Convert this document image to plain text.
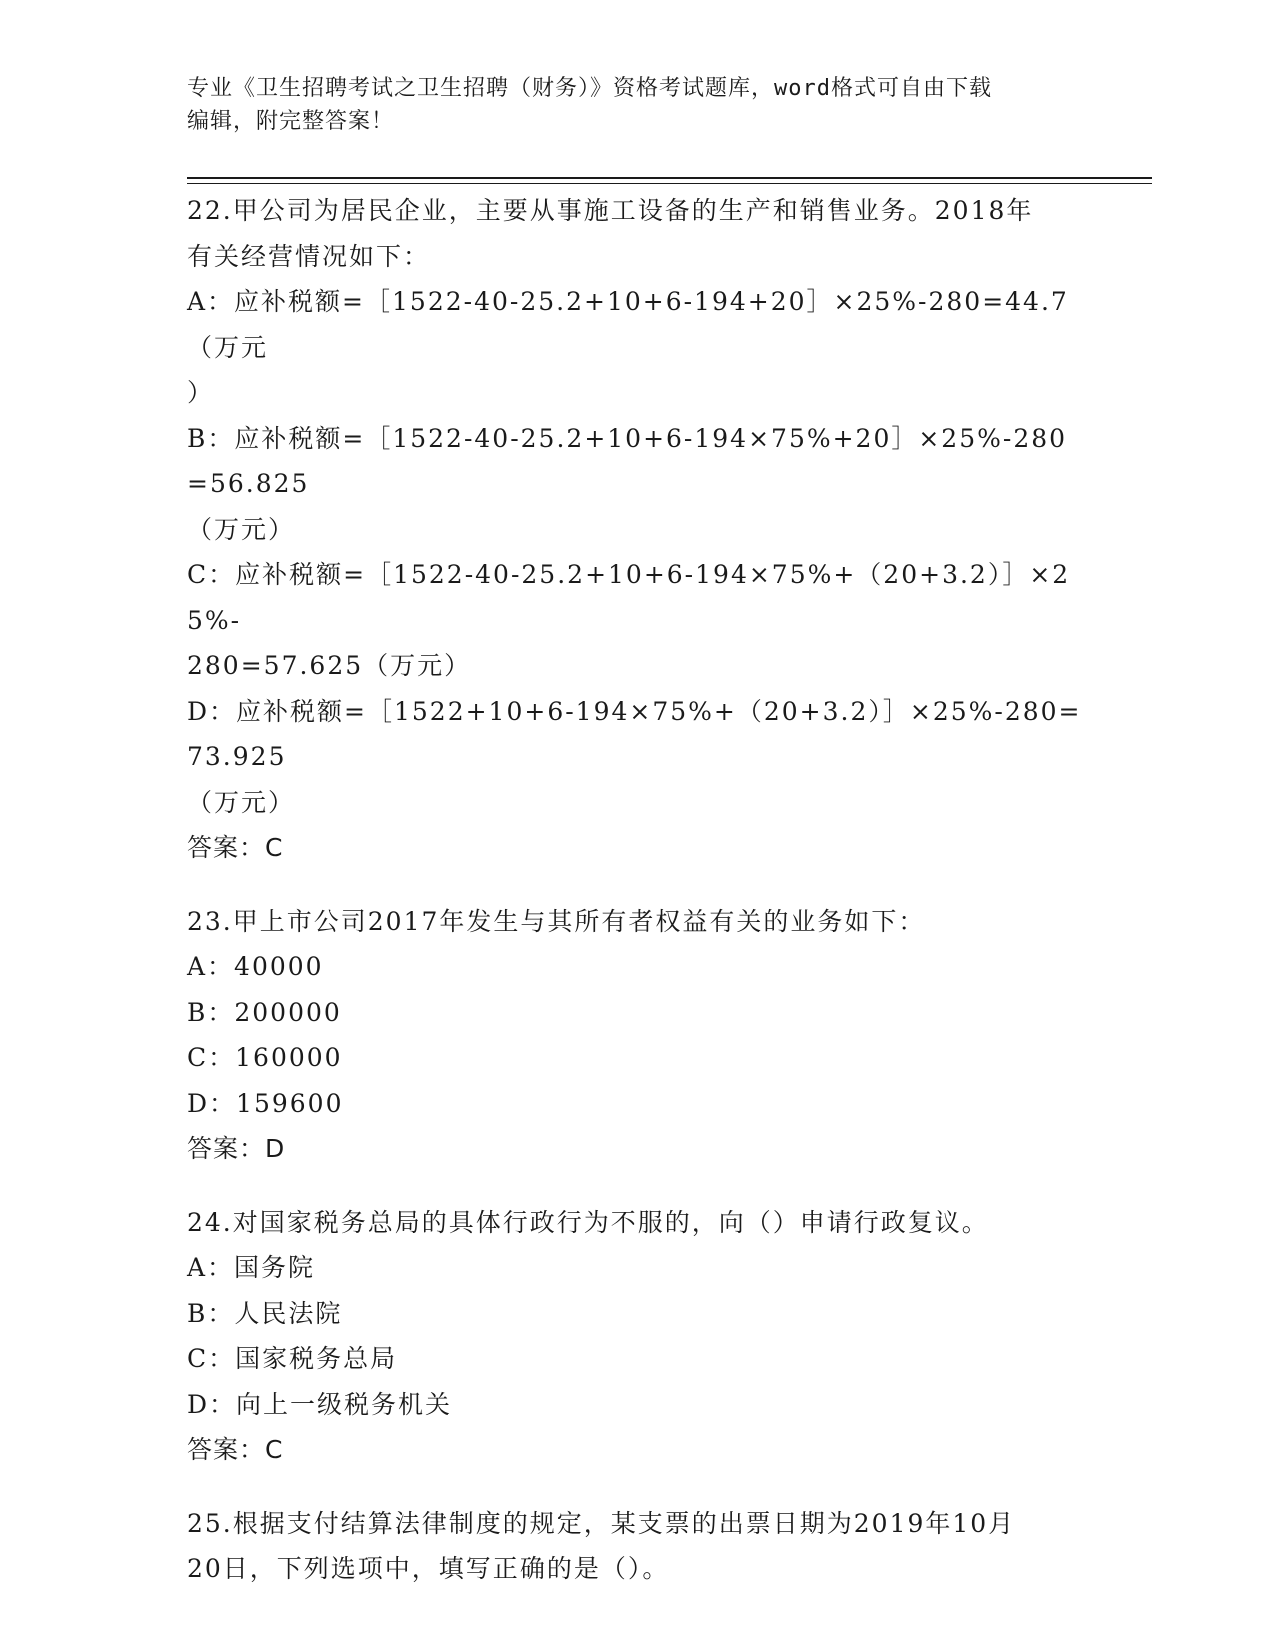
专业《卫生招聘考试之卫生招聘（财务）》资格考试题库，word格式可自由下载
编辑，附完整答案！
22.甲公司为居民企业，主要从事施工设备的生产和销售业务。2018年
有关经营情况如下：
A：应补税额=［1522-40-25.2+10+6-194+20］×25%-280=44.7（万元
）
B：应补税额=［1522-40-25.2+10+6-194×75%+20］×25%-280=56.825
（万元）
C：应补税额=［1522-40-25.2+10+6-194×75%+（20+3.2）］×25%-
280=57.625（万元）
D：应补税额=［1522+10+6-194×75%+（20+3.2）］×25%-280=73.925
（万元）
答案：C
23.甲上市公司2017年发生与其所有者权益有关的业务如下：
A：40000
B：200000
C：160000
D：159600
答案：D
24.对国家税务总局的具体行政行为不服的，向（）申请行政复议。
A：国务院
B：人民法院
C：国家税务总局
D：向上一级税务机关
答案：C
25.根据支付结算法律制度的规定，某支票的出票日期为2019年10月
20日，下列选项中，填写正确的是（）。
